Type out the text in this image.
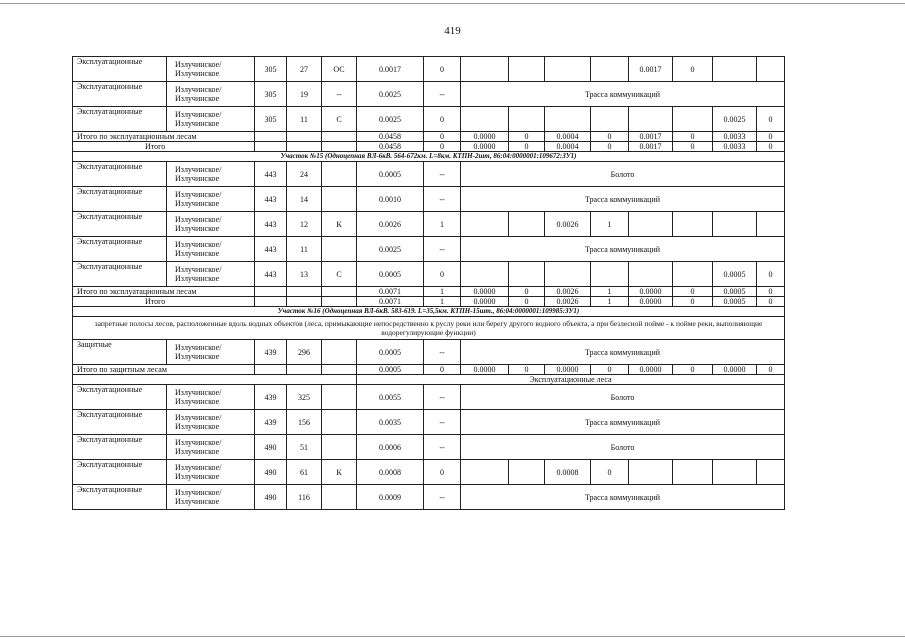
419
Эксплуатационные	Излучинское/
Излучинское	305	27	ОС	0.0017	0					0.0017	0		
Эксплуатационные	Излучинское/
Излучинское	305	19	--	0.0025	--	Трасса коммуникаций							
Эксплуатационные	Излучинское/
Излучинское	305	11	С	0.0025	0							0.0025	0
Итого по эксплуатационным лесам					0.0458	0	0.0000	0	0.0004	0	0.0017	0	0.0033	0
Итого					0.0458	0	0.0000	0	0.0004	0	0.0017	0	0.0033	0
Участок №15 (Одноцепная ВЛ-6кВ. 564-672км. L=8км. КТПН-2шт, 86:04:0000001:109672:ЗУ1)														
Эксплуатационные	Излучинское/
Излучинское	443	24		0.0005	--	Болото							
Эксплуатационные	Излучинское/
Излучинское	443	14		0.0010	--	Трасса коммуникаций							
Эксплуатационные	Излучинское/
Излучинское	443	12	К	0.0026	1			0.0026	1				
Эксплуатационные	Излучинское/
Излучинское	443	11		0.0025	--	Трасса коммуникаций							
Эксплуатационные	Излучинское/
Излучинское	443	13	С	0.0005	0							0.0005	0
Итого по эксплуатационным лесам					0.0071	1	0.0000	0	0.0026	1	0.0000	0	0.0005	0
Итого					0.0071	1	0.0000	0	0.0026	1	0.0000	0	0.0005	0
Участок №16 (Одноцепная ВЛ-6кВ. 583-619. L=35,5км. КТПН-15шт., 86:04:0000001:109985:ЗУ1)														
запретные полосы лесов, расположенные вдоль водных объектов (леса, примыкающие непосредственно к руслу реки или берегу другого водного объекта, а при безлесной пойме - к пойме реки, выполняющие водорегулирующие функции)														
Защитные	Излучинское/
Излучинское	439	296		0.0005	--	Трасса коммуникаций							
Итого по защитным лесам					0.0005	0	0.0000	0	0.0000	0	0.0000	0	0.0000	0
					Эксплуатационные леса									
Эксплуатационные	Излучинское/
Излучинское	439	325		0.0055	--	Болото							
Эксплуатационные	Излучинское/
Излучинское	439	156		0.0035	--	Трасса коммуникаций							
Эксплуатационные	Излучинское/
Излучинское	490	51		0.0006	--	Болото							
Эксплуатационные	Излучинское/
Излучинское	490	61	К	0.0008	0			0.0008	0				
Эксплуатационные	Излучинское/
Излучинское	490	116		0.0009	--	Трасса коммуникаций							
